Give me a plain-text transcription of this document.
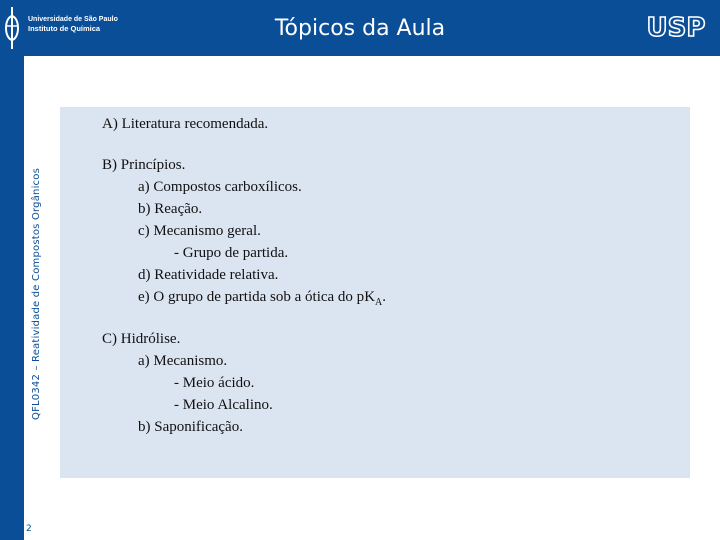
Universidade de São Paulo
Instituto de Química	Tópicos da Aula	USP
QFL0342 – Reatividade de Compostos Orgânicos
2
A) Literatura recomendada.
B) Princípios.
a) Compostos carboxílicos.
b) Reação.
c) Mecanismo geral.
- Grupo de partida.
d) Reatividade relativa.
e) O grupo de partida sob a ótica do $pK_A$.
C) Hidrólise.
a) Mecanismo.
- Meio ácido.
- Meio Alcalino.
b) Saponificação.
